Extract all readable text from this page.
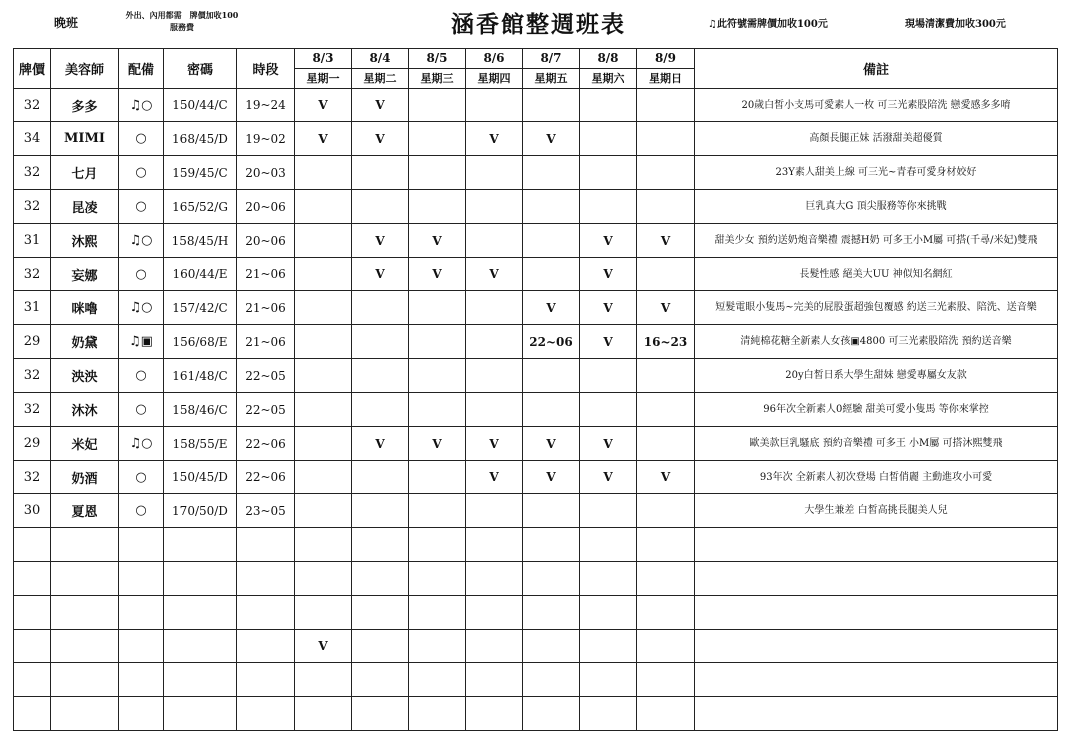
晚班
外出、內用都需　牌價加收100服務費	涵香館整週班表	♫此符號需牌價加收100元	現場清潔費加收300元
牌價	美容師	配備	密碼	時段	8/3	8/4	8/5	8/6	8/7	8/8	8/9	備註
					星期一	星期二	星期三	星期四	星期五	星期六	星期日	
32	多多	♫○	150/44/C	19~24	V	V						20歲白皙小支馬可愛素人一枚 可三光素股陪洗 戀愛感多多唷
34	MIMI	○	168/45/D	19~02	V	V		V	V			高顏長腿正妹 活潑甜美超優質
32	七月	○	159/45/C	20~03								23Y素人甜美上線 可三光~青春可愛身材姣好
32	昆凌	○	165/52/G	20~06								巨乳真大G 頂尖服務等你來挑戰
31	沐熙	♫○	158/45/H	20~06		V	V			V	V	甜美少女 預約送奶炮音樂禮 震撼H奶 可多王小M屬 可搭(千尋/米妃)雙飛
32	妄娜	○	160/44/E	21~06		V	V	V		V		長髮性感 絕美大UU 神似知名網紅
31	咪嚕	♫○	157/42/C	21~06					V	V	V	短髮電眼小隻馬~完美的屁股蛋超強包覆感 約送三光素股、陪洗、送音樂
29	奶黛	♫▣	156/68/E	21~06					22~06	V	16~23	清純棉花糖全新素人女孩▣4800 可三光素股陪洗 預約送音樂
32	泱泱	○	161/48/C	22~05								20y白皙日系大學生甜妹 戀愛專屬女友款
32	沐沐	○	158/46/C	22~05								96年次全新素人0經驗 甜美可愛小隻馬 等你來掌控
29	米妃	♫○	158/55/E	22~06		V	V	V	V	V		歐美款巨乳騷底 預約音樂禮 可多王 小M屬 可搭沐熙雙飛
32	奶酒	○	150/45/D	22~06				V	V	V	V	93年次 全新素人初次登場 白皙俏麗 主動進攻小可愛
30	夏恩	○	170/50/D	23~05								大學生兼差 白皙高挑長腿美人兒

					V							
